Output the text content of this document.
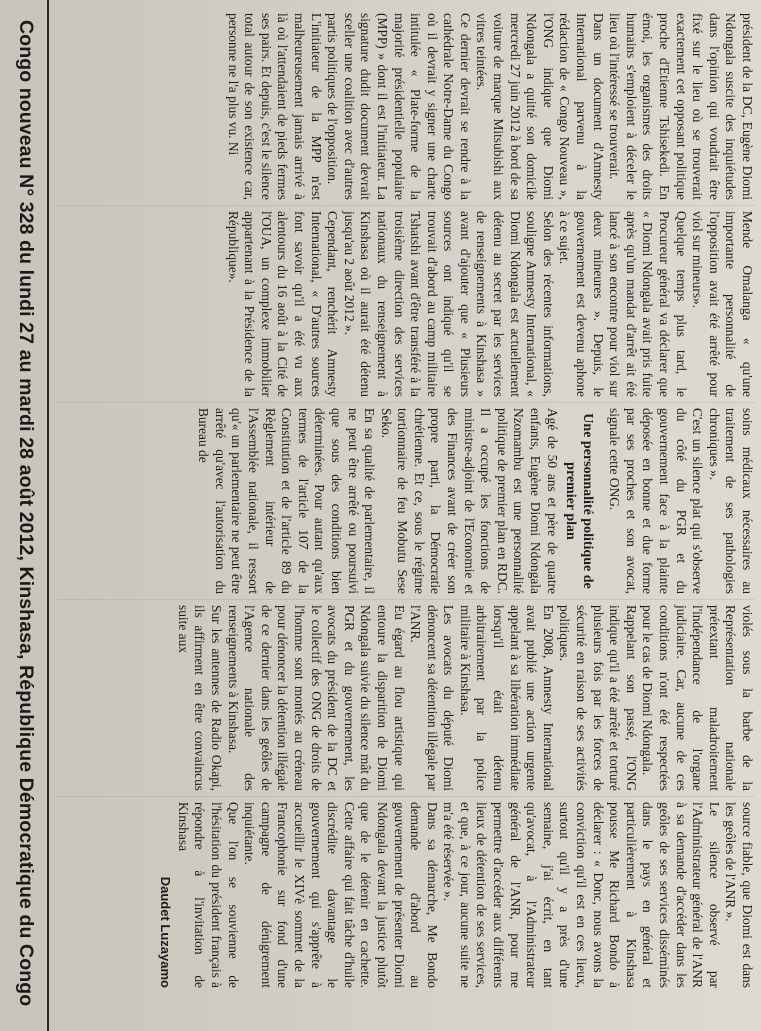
président de la DC, Eugène Diomi Ndongala suscite des inquiétudes dans l'opinion qui voudrait être fixé sur le lieu où se trouverait exactement cet opposant politique proche d'Etienne Tshisekedi. En émoi, les organismes des droits humains s'emploient à déceler le lieu où l'intéressé se trouverait.

Dans un document d'Amnesty International parvenu à la rédaction de « Congo Nouveau », l'ONG indique que Diomi Ndongala a quitté son domicile mercredi 27 juin 2012 à bord de sa voiture de marque Mitsubishi aux vitres teintées.

Ce dernier devrait se rendre à la cathédrale Notre-Dame du Congo où il devrait y signer une charte intitulée « Plate-forme de la majorité présidentielle populaire (MPP) » dont il est l'initiateur. La signature dudit document devrait sceller une coalition avec d'autres partis politiques de l'opposition.

L'initiateur de la MPP n'est malheureusement jamais arrivé à là où l'attendaient de pieds fermes ses pairs. Et depuis, c'est le silence total autour de son existence car, personne ne l'a plus vu. Ni

Mende Omalanga « qu'une importante personnalité de l'opposition avait été arrêté pour viol sur mineurs».

Quelque temps plus tard, le Procureur général va déclarer que « Diomi Ndongala avait pris fuite après qu'un mandat d'arrêt ait été lancé à son encontre pour viol sur deux mineures ». Depuis, le gouvernement est devenu aphone à ce sujet.

Selon des récentes informations, souligne Amnesty International, « Diomi Ndongala est actuellement détenu au secret par les services de renseignements à Kinshasa » avant d'ajouter que « Plusieurs sources ont indiqué qu'il se trouvait d'abord au camp militaire Tshatshi avant d'être transféré à la troisième direction des services nationaux du renseignement à Kinshasa où il aurait été détenu jusqu'au 2 août 2012 ».

Cependant, renchérit Amnesty International, « D'autres sources font savoir qu'il a été vu aux alentours du 16 août à la Cité de l'OUA, un complexe immobilier appartenant à la Présidence de la République».

soins médicaux nécessaires au traitement de ses pathologies chroniques ».

C'est un silence plat qui s'observe du côté du PGR et du gouvernement face à la plainte déposée en bonne et due forme par ses proches et son avocat, signale cette ONG.

Une personnalité politique de premier plan

Agé de 50 ans et père de quatre enfants, Eugène Diomi Ndongala Nzomambu est une personnalité politique de premier plan en RDC. Il a occupé les fonctions de ministre-adjoint de l'Economie et des Finances avant de créer son propre parti, la Démocratie chrétienne. Et ce, sous le régime tortionnaire de feu Mobutu Sese Seko.

En sa qualité de parlementaire, il ne peut être arrêté ou poursuivi que sous des conditions bien déterminées. Pour autant qu'aux termes de l'article 107 de la Constitution et de l'article 89 du Règlement intérieur de l'Assemblée nationale, il ressort qu'« un parlementaire ne peut être arrêté qu'avec l'autorisation du Bureau de

violés sous la barbe de la Représentation nationale prétextant maladroitement l'indépendance de l'organe judiciaire. Car, aucune de ces conditions n'ont été respectées pour le cas de Diomi Ndongala.

Rappelant son passé, l'ONG indique qu'il a été arrêté et torturé plusieurs fois par les forces de sécurité en raison de ses activités politiques.

En 2008, Amnesty International avait publié une action urgente appelant à sa libération immédiate lorsqu'il était détenu arbitrairement par la police militaire à Kinshasa.

Les avocats du député Diomi dénoncent sa détention illégale par l'ANR.

Eu égard au flou artistique qui entoure la disparition de Diomi Ndongala suivie du silence mât du PGR et du gouvernement, les avocats du président de la DC et le collectif des ONG de droits de l'homme sont montés au créneau pour dénoncer la détention illégale de ce dernier dans les geôles de l'Agence nationale des renseignements à Kinshasa.

Sur les antennes de Radio Okapi, ils affirment en être convaincus suite aux

source fiable, que Diomi est dans les geôles de l'ANR ».

Le silence observé par l'Administrateur général de l'ANR à sa demande d'accéder dans les geôles de ses services disséminés dans le pays en général et particulièrement à Kinshasa pousse Me Richard Bondo à déclarer : « Donc, nous avons la conviction qu'il est en ces lieux, surtout qu'il y a près d'une semaine, j'ai écrit, en tant qu'avocat, à l'Administrateur général de l'ANR, pour me permettre d'accéder aux différents lieux de détention de ses services, et que, à ce jour, aucune suite ne m'a été réservée ».

Dans sa démarche, Me Bondo demande d'abord au gouvernement de présenter Diomi Ndongala devant la justice plutôt que de le détenir en cachette. Cette affaire qui fait tâche d'huile discrédite davantage le gouvernement qui s'apprête à accueillir le XIVè sommet de la Francophonie sur fond d'une campagne de dénigrement inquiétante.

Que l'on se souvienne de l'hésitation du président français à répondre à l'invitation de Kinshasa

Daudet Luzayamo
Congo nouveau N° 328 du lundi 27 au mardi 28 août 2012, Kinshasa, République Démocratique du Congo
